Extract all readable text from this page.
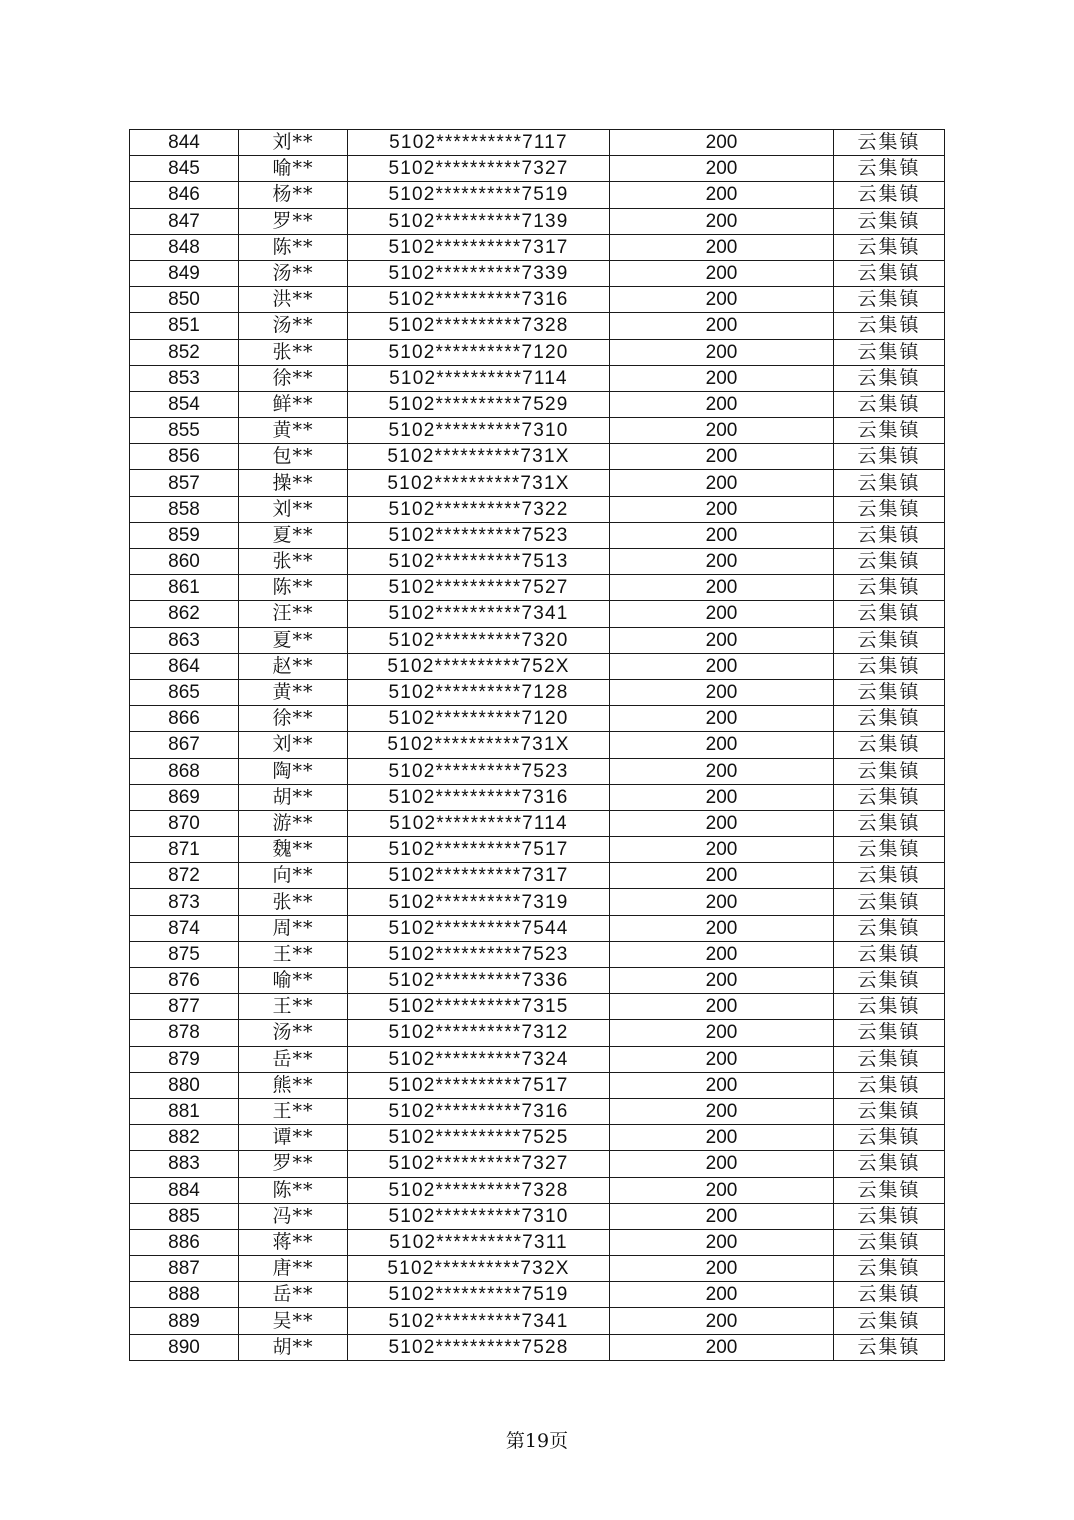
844	刘**	5102**********7117	200	云集镇
845	喻**	5102**********7327	200	云集镇
846	杨**	5102**********7519	200	云集镇
847	罗**	5102**********7139	200	云集镇
848	陈**	5102**********7317	200	云集镇
849	汤**	5102**********7339	200	云集镇
850	洪**	5102**********7316	200	云集镇
851	汤**	5102**********7328	200	云集镇
852	张**	5102**********7120	200	云集镇
853	徐**	5102**********7114	200	云集镇
854	鲜**	5102**********7529	200	云集镇
855	黄**	5102**********7310	200	云集镇
856	包**	5102**********731X	200	云集镇
857	操**	5102**********731X	200	云集镇
858	刘**	5102**********7322	200	云集镇
859	夏**	5102**********7523	200	云集镇
860	张**	5102**********7513	200	云集镇
861	陈**	5102**********7527	200	云集镇
862	汪**	5102**********7341	200	云集镇
863	夏**	5102**********7320	200	云集镇
864	赵**	5102**********752X	200	云集镇
865	黄**	5102**********7128	200	云集镇
866	徐**	5102**********7120	200	云集镇
867	刘**	5102**********731X	200	云集镇
868	陶**	5102**********7523	200	云集镇
869	胡**	5102**********7316	200	云集镇
870	游**	5102**********7114	200	云集镇
871	魏**	5102**********7517	200	云集镇
872	向**	5102**********7317	200	云集镇
873	张**	5102**********7319	200	云集镇
874	周**	5102**********7544	200	云集镇
875	王**	5102**********7523	200	云集镇
876	喻**	5102**********7336	200	云集镇
877	王**	5102**********7315	200	云集镇
878	汤**	5102**********7312	200	云集镇
879	岳**	5102**********7324	200	云集镇
880	熊**	5102**********7517	200	云集镇
881	王**	5102**********7316	200	云集镇
882	谭**	5102**********7525	200	云集镇
883	罗**	5102**********7327	200	云集镇
884	陈**	5102**********7328	200	云集镇
885	冯**	5102**********7310	200	云集镇
886	蒋**	5102**********7311	200	云集镇
887	唐**	5102**********732X	200	云集镇
888	岳**	5102**********7519	200	云集镇
889	吴**	5102**********7341	200	云集镇
890	胡**	5102**********7528	200	云集镇
第19页
